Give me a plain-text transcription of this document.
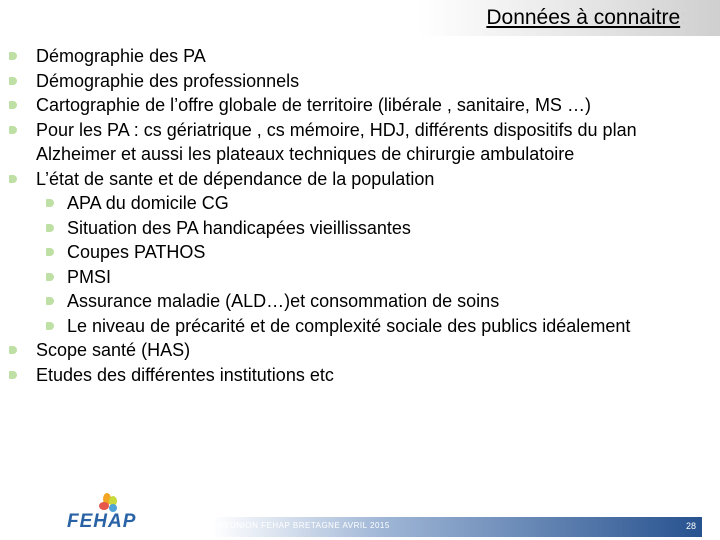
Données à connaitre:
Démographie des PA
Démographie des professionnels
Cartographie de l’offre globale de territoire (libérale , sanitaire, MS …)
Pour les PA : cs gériatrique , cs mémoire, HDJ, différents dispositifs du plan
Alzheimer et aussi les plateaux techniques de chirurgie ambulatoire
L’état de sante et de dépendance de la population
APA du domicile CG
Situation des PA handicapées vieillissantes
Coupes PATHOS
PMSI
Assurance maladie (ALD…)et consommation de soins
Le niveau de précarité et de complexité sociale des publics idéalement
Scope santé (HAS)
Etudes des différentes institutions etc
FEHAP	REUNION FEHAP BRETAGNE AVRIL 2015	28
